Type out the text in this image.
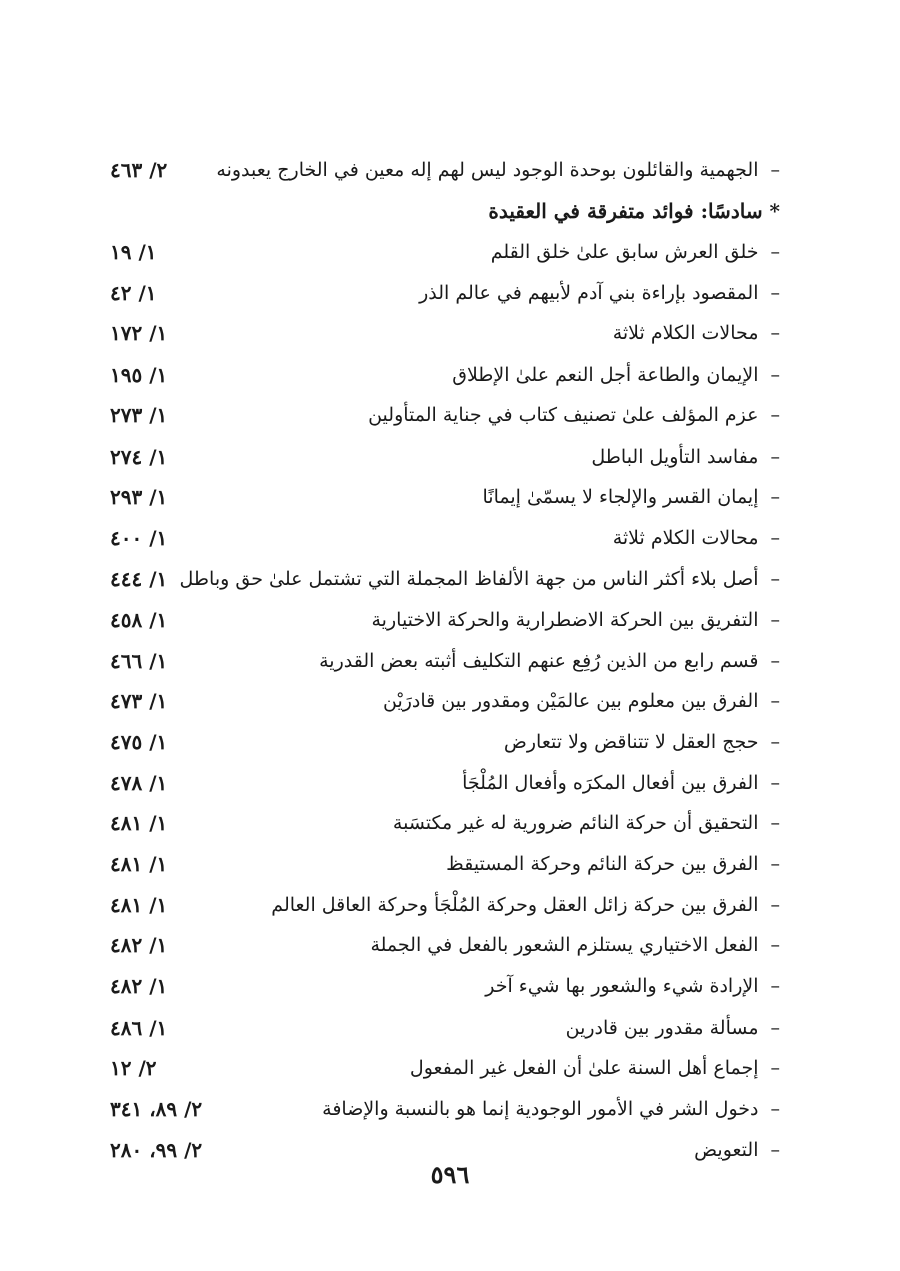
٢/ ٤٦٣	–الجهمية والقائلون بوحدة الوجود ليس لهم إله معين في الخارج يعبدونه
* سادسًا: فوائد متفرقة في العقيدة
١/ ١٩	–خلق العرش سابق علىٰ خلق القلم
١/ ٤٢	–المقصود بإراءة بني آدم لأبيهم في عالم الذر
١/ ١٧٢	–محالات الكلام ثلاثة
١/ ١٩٥	–الإيمان والطاعة أجل النعم علىٰ الإطلاق
١/ ٢٧٣	–عزم المؤلف علىٰ تصنيف كتاب في جناية المتأولين
١/ ٢٧٤	–مفاسد التأويل الباطل
١/ ٢٩٣	–إيمان القسر والإلجاء لا يسمّىٰ إيمانًا
١/ ٤٠٠	–محالات الكلام ثلاثة
١/ ٤٤٤	–أصل بلاء أكثر الناس من جهة الألفاظ المجملة التي تشتمل علىٰ حق وباطل
١/ ٤٥٨	–التفريق بين الحركة الاضطرارية والحركة الاختيارية
١/ ٤٦٦	–قسم رابع من الذين رُفِع عنهم التكليف أثبته بعض القدرية
١/ ٤٧٣	–الفرق بين معلوم بين عالمَيْن ومقدور بين قادرَيْن
١/ ٤٧٥	–حجج العقل لا تتناقض ولا تتعارض
١/ ٤٧٨	–الفرق بين أفعال المكرَه وأفعال المُلْجَأ
١/ ٤٨١	–التحقيق أن حركة النائم ضرورية له غير مكتسَبة
١/ ٤٨١	–الفرق بين حركة النائم وحركة المستيقظ
١/ ٤٨١	–الفرق بين حركة زائل العقل وحركة المُلْجَأ وحركة العاقل العالم
١/ ٤٨٢	–الفعل الاختياري يستلزم الشعور بالفعل في الجملة
١/ ٤٨٢	–الإرادة شيء والشعور بها شيء آخر
١/ ٤٨٦	–مسألة مقدور بين قادرين
٢/ ١٢	–إجماع أهل السنة علىٰ أن الفعل غير المفعول
٢/ ٨٩، ٣٤١	–دخول الشر في الأمور الوجودية إنما هو بالنسبة والإضافة
٢/ ٩٩، ٢٨٠	–التعويض
٥٩٦
